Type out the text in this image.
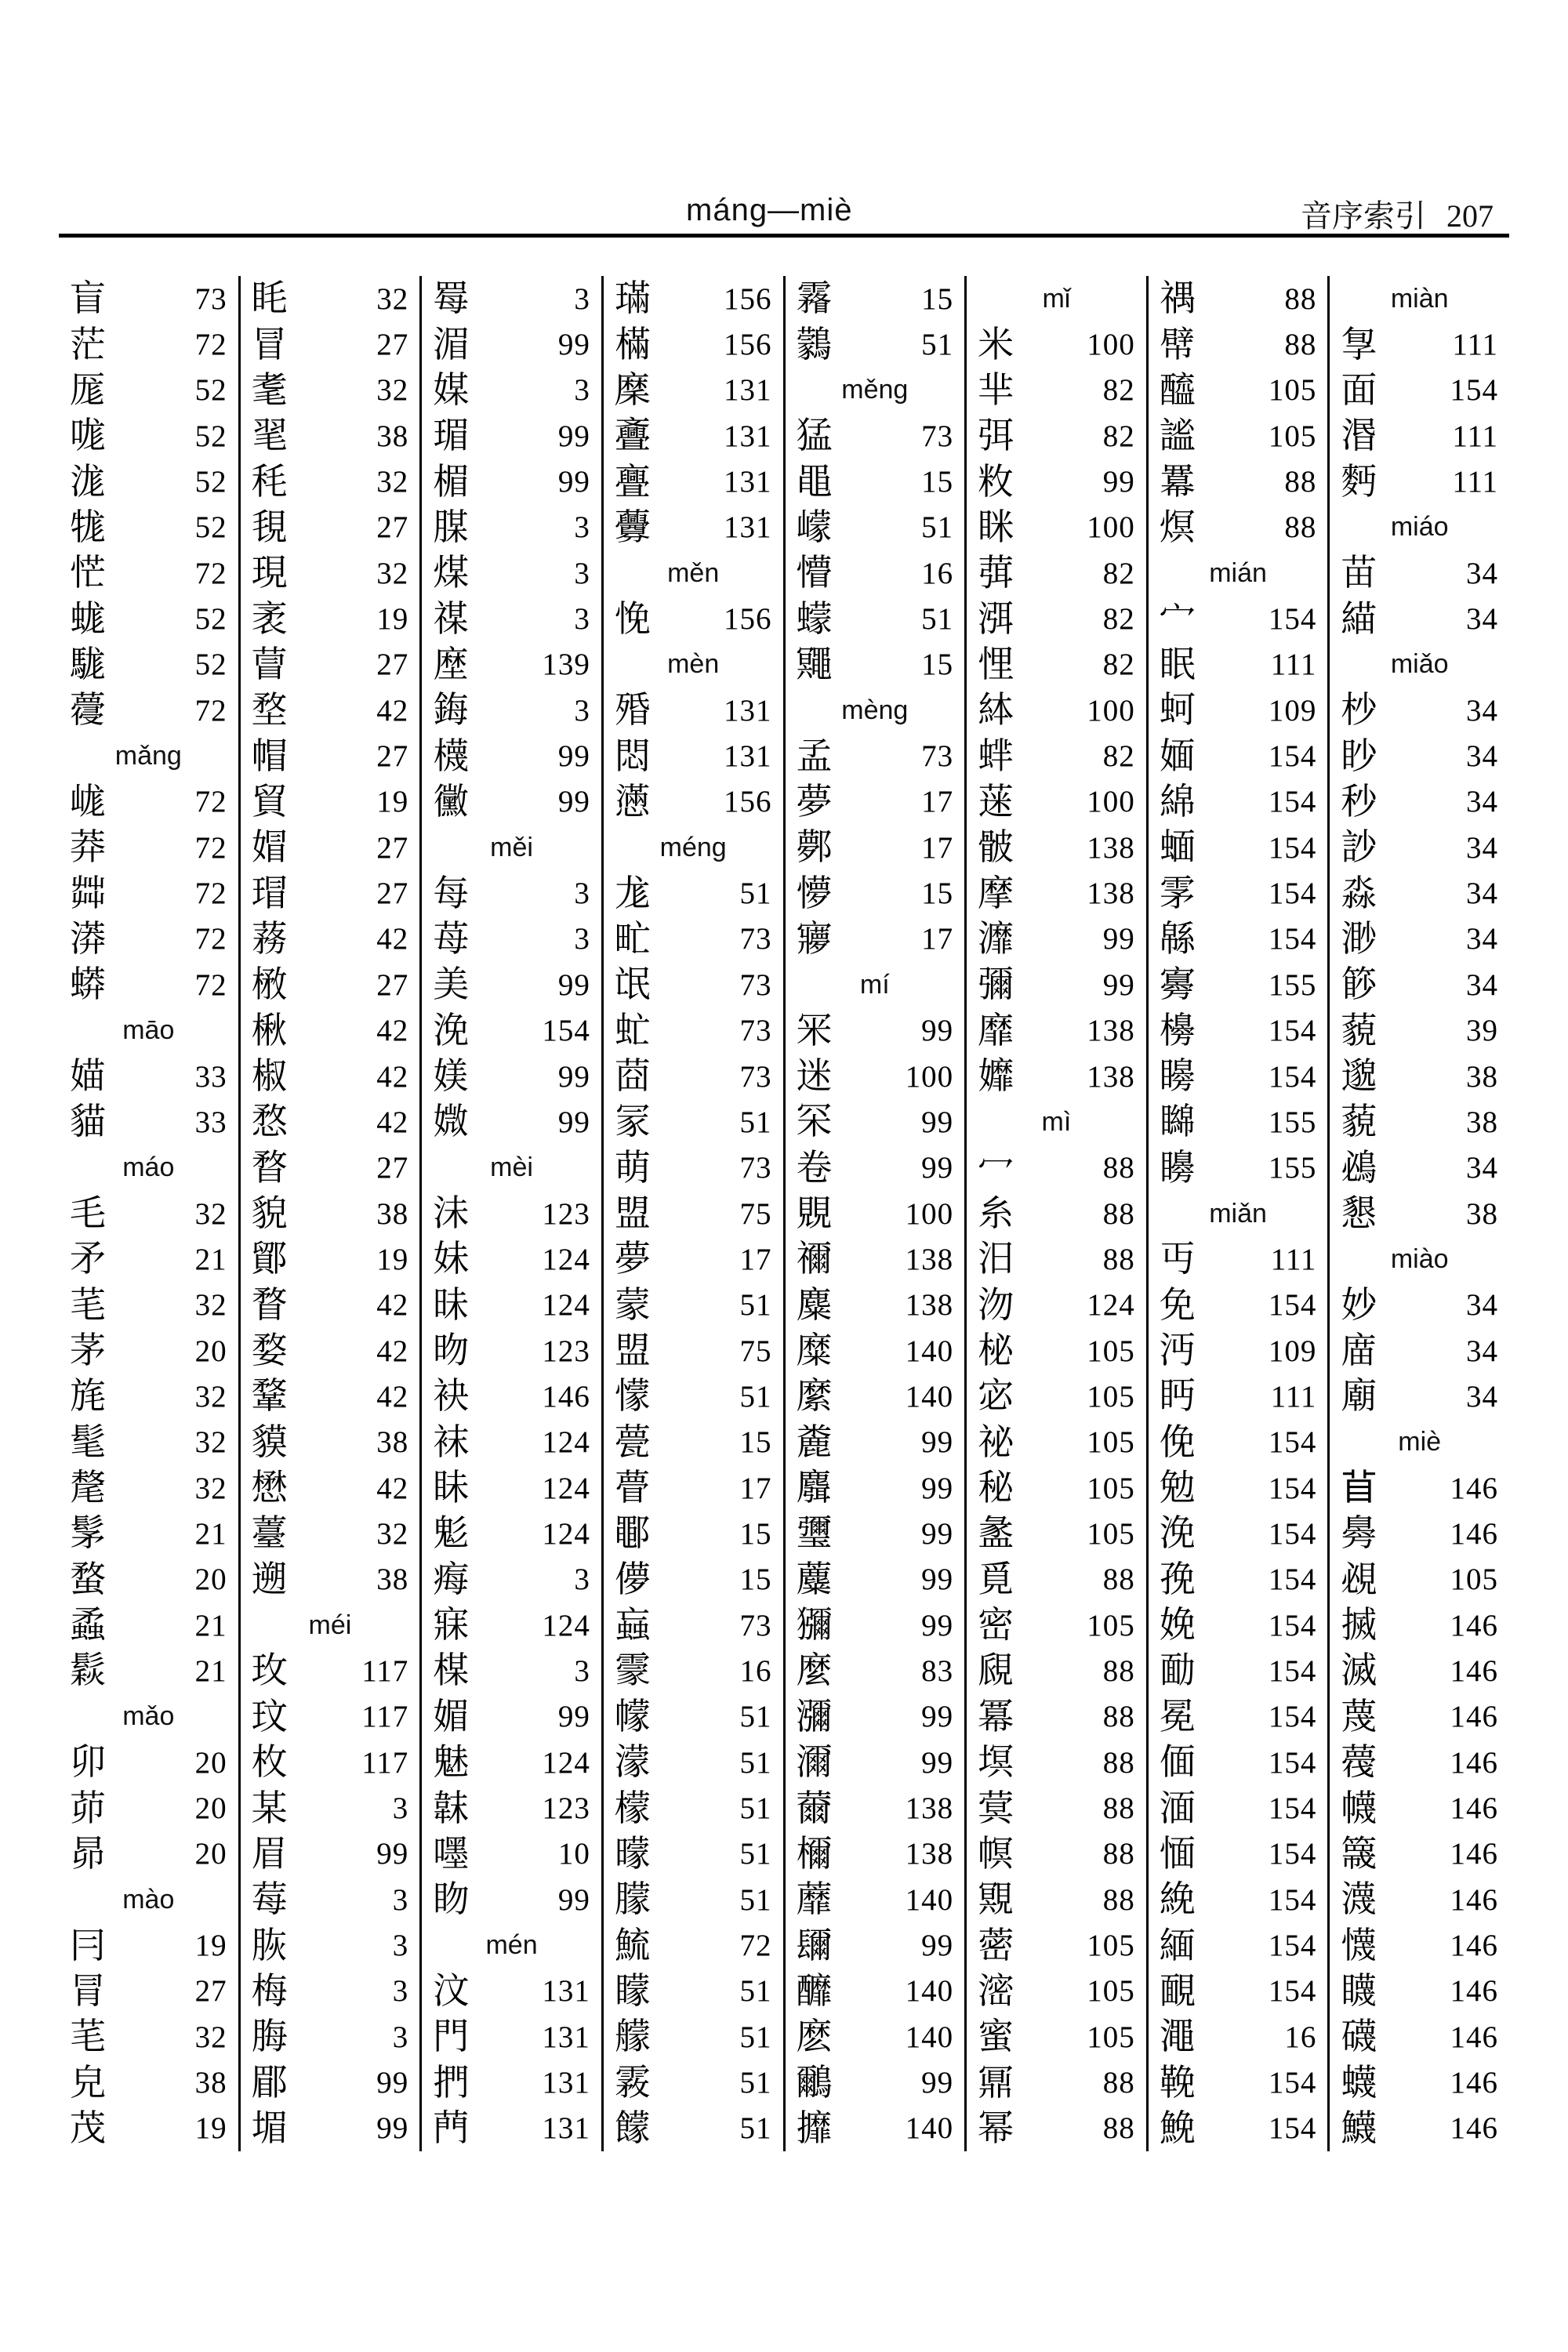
máng—miè	音序索引 207
盲	73
茫	72
厖	52
哤	52
浝	52
牻	52
恾	72
蛖	52
駹	52
蘉	72
mǎng
㟌	72
莽	72
茻	72
漭	72
蟒	72
māo
媌	33
貓	33
máo
毛	32
矛	21
芼	32
茅	20
旄	32
髦	32
氂	32
髳	21
蝥	20
蟊	21
鬏	21
mǎo
卯	20
茆	20
昴	20
mào
冃	19
冐	27
芼	32
皃	38
茂	19
眊	32
冒	27
耄	32
毣	38
秏	32
覒	27
現	32
袤	19
萺	27
堥	42
帽	27
貿	19
媢	27
瑁	27
蓩	42
㮘	27
楸	42
椒	42
愗	42
暓	27
貌	38
鄮	19
瞀	42
婺	42
鞪	42
貘	38
懋	42
薹	32
遡	38
méi
玫 117
玟 117
枚 117
某	3
眉	99
莓	3
脄	3
梅	3
脢	3
郿	99
堳	99
䍙	3
湄	99
媒	3
瑂	99
楣	99
腜	3
煤	3
禖	3
塺 139
鋂	3
櫗	99
黴	99
měi
每	3
苺	3
美	99
浼 154
媄	99
媺	99
mèi
沬 123
妹 124
昧 124
昒 123
袂 146
袜 124
眛 124
鬽 124
痗	3
寐 124
楳	3
媚	99
魅 124
韎 123
嚜	10
䀛	99
mén
汶 131
門 131
捫 131
菛 131
璊 156
樠 156
穈 131
斖 131
亹 131
虋 131
měn
悗 156
mèn
殙 131
悶 131
懣 156
méng
尨	51
甿	73
氓	73
虻	73
莔	73
冡	51
萌	73
盟	75
夢	17
蒙	51
盟	75
懞	51
甍	15
瞢	17
鄳	15
儚	15
蝱	73
霥	16
幪	51
濛	51
檬	51
曚	51
朦	51
鯍	72
矇	51
艨	51
霚	51
饛	51
霿	15
鸏	51
měng
猛	73
黽	15
㠓	51
懵	16
蠓	51
鼆	15
mèng
孟	73
夢	17
鄸	17
懜	15
㝱	17
mí
冞	99
迷 100
罙	99
卷	99
覞 100
禰 138
麋 138
糜 140
縻 140
麊	99
麛	99
瓕	99
蘪	99
獼	99
麼	83
瀰	99
濔	99
薾 138
檷 138
蘼 140
镾	99
釄 140
麽 140
鸍	99
攠 140
mǐ
米 100
芈	82
弭	82
敉	99
眯 100
葞	82
渳	82
悝	82
絊 100
蝆	82
蒾 100
骳 138
摩 138
灖	99
彌	99
靡 138
孊 138
mì
冖	88
糸	88
汨	88
沕 124
柲 105
宓 105
祕 105
秘 105
盠 105
覓	88
密 105
覛	88
冪	88
塓	88
蓂	88
幎	88
覭	88
蔤 105
滵 105
蜜 105
鼏	88
幂	88
禑	88
幦	88
醯 105
謐 105
羃	88
熐	88
mián
宀 154
眠 111
蚵 109
媔 154
綿 154
蝒 154
雺 154
緜 154
㝰 155
櫋 154
矈 154
矊 155
矏 155
miǎn
丏 111
免 154
沔 109
眄 111
俛 154
勉 154
浼 154
㝃 154
娩 154
勔 154
冕 154
偭 154
湎 154
愐 154
絻 154
緬 154
靦 154
澠	16
鞔 154
鮸 154
miàn
㝁 111
面 154
湣 111
麪 111
miáo
苗	34
緢	34
miǎo
杪	34
眇	34
秒	34
訬	34
淼	34
渺	34
篎	34
藐	39
邈	38
藐	38
鴓	34
懇	38
miào
妙	34
庿	34
廟	34
miè
𥄕 146
臱 146
覕 105
搣 146
滅 146
蔑 146
薎 146
幭 146
簚 146
瀎 146
懱 146
䁾 146
礣 146
蠛 146
鱴 146
